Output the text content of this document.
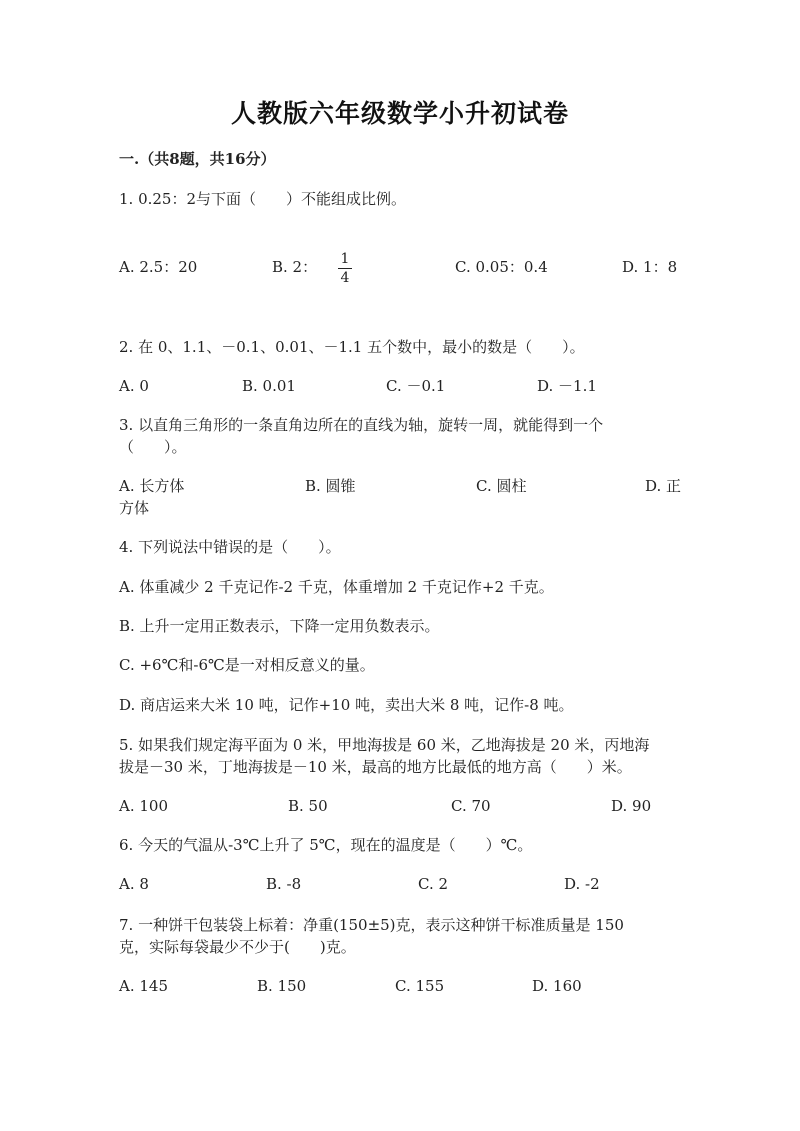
人教版六年级数学小升初试卷
一.（共8题，共16分）
1. 0.25：2与下面（　　）不能组成比例。
A. 2.5：20	B. 2： 1
4
C. 0.05：0.4	D. 1：8
2. 在 0、1.1、－0.1、0.01、－1.1 五个数中，最小的数是（　　）。
A. 0	B. 0.01	C. －0.1	D. －1.1
3. 以直角三角形的一条直角边所在的直线为轴，旋转一周，就能得到一个
（　　）。
A. 长方体	B. 圆锥	C. 圆柱	D. 正
方体
4. 下列说法中错误的是（　　）。
A. 体重减少 2 千克记作-2 千克，体重增加 2 千克记作+2 千克。
B. 上升一定用正数表示，下降一定用负数表示。
C. +6℃和-6℃是一对相反意义的量。
D. 商店运来大米 10 吨，记作+10 吨，卖出大米 8 吨，记作-8 吨。
5. 如果我们规定海平面为 0 米，甲地海拔是 60 米，乙地海拔是 20 米，丙地海
拔是－30 米，丁地海拔是－10 米，最高的地方比最低的地方高（　　）米。
A. 100	B. 50	C. 70	D. 90
6. 今天的气温从-3℃上升了 5℃，现在的温度是（　　）℃。
A. 8	B. -8	C. 2	D. -2
7. 一种饼干包装袋上标着：净重(150±5)克，表示这种饼干标准质量是 150
克，实际每袋最少不少于(　　)克。
A. 145	B. 150	C. 155	D. 160
